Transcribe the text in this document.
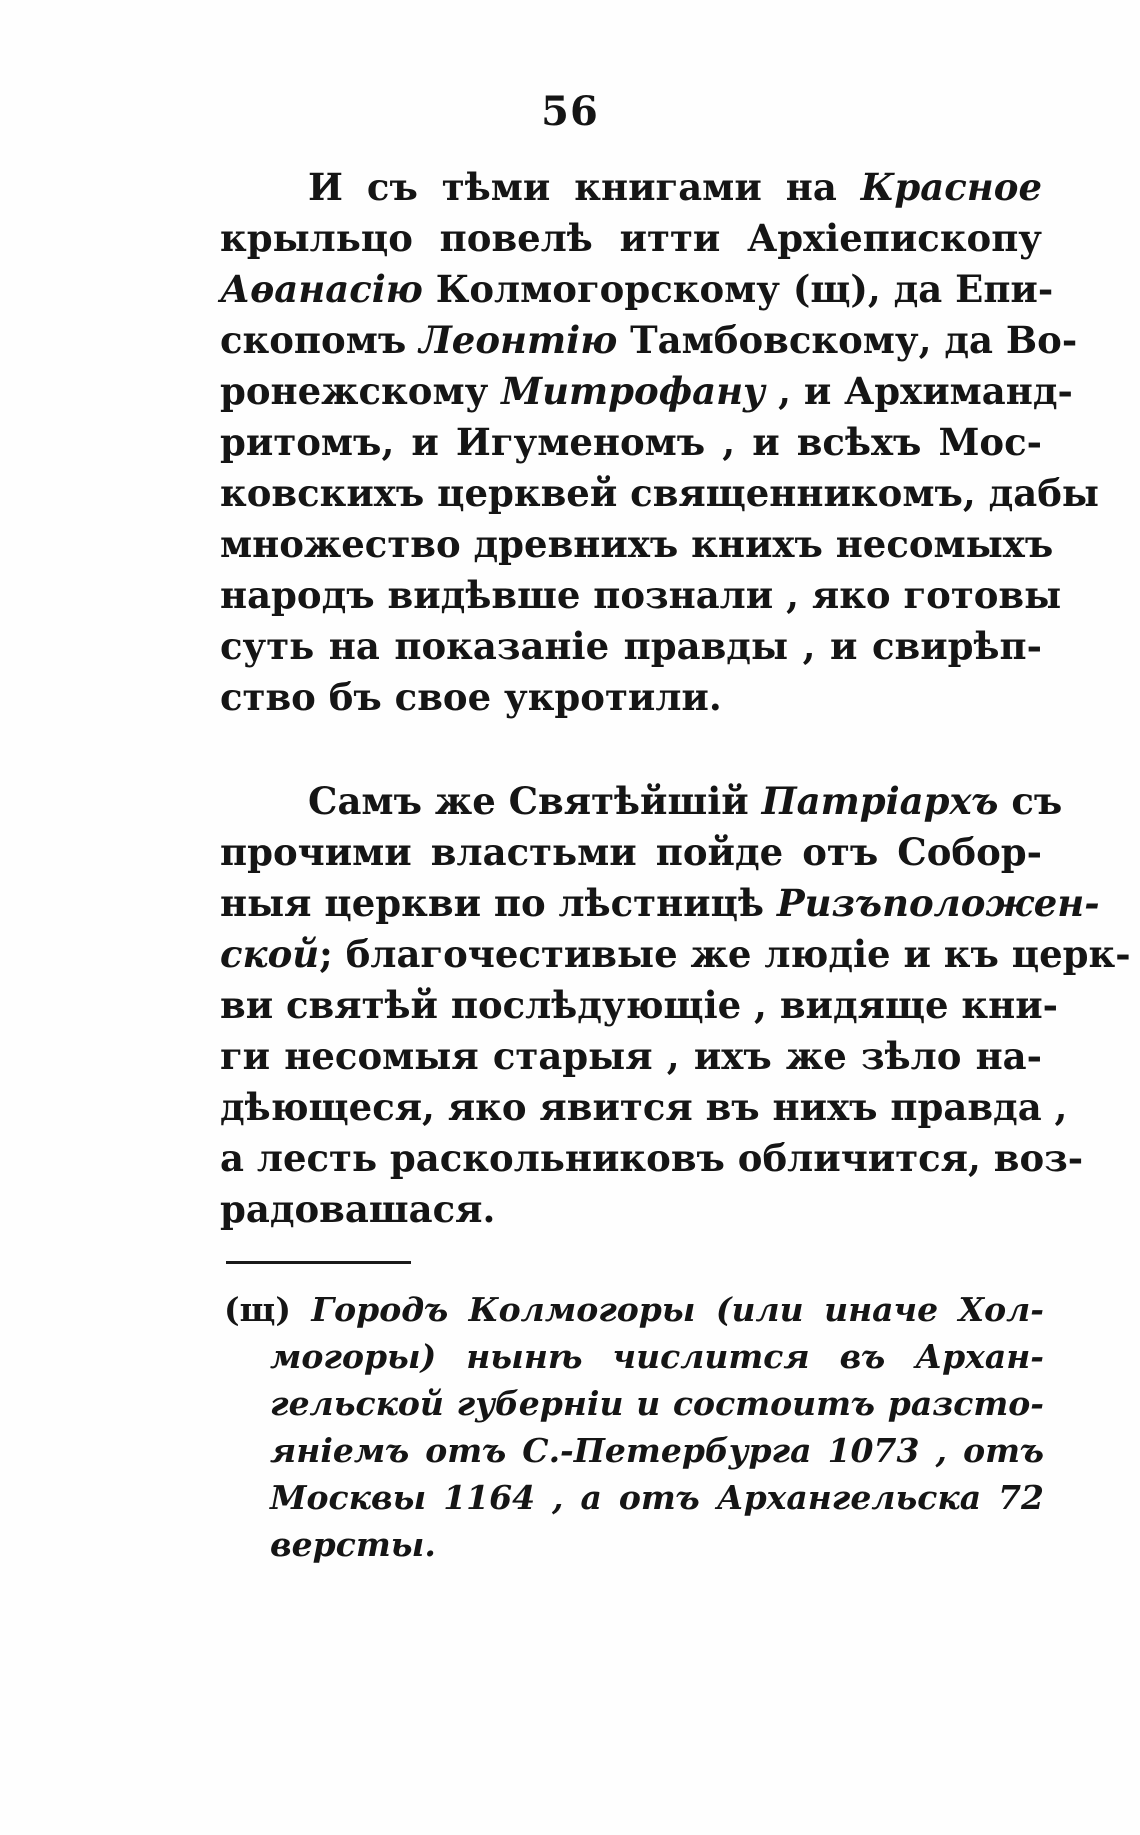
56
И съ тѣми книгами на Красное
крыльцо повелѣ итти Архіепископу
Аѳанасію Колмогорскому (щ), да Епи-
скопомъ Леонтію Тамбовскому, да Во-
ронежскому Митрофану , и Архиманд-
ритомъ, и Игуменомъ , и всѣхъ Мос-
ковскихъ церквей священникомъ, дабы
множество древнихъ книхъ несомыхъ
народъ видѣвше познали , яко готовы
суть на показаніе правды , и свирѣп-
ство бъ свое укротили.
Самъ же Святѣйшій Патріархъ съ
прочими властьми пойде отъ Собор-
ныя церкви по лѣстницѣ Ризъположен-
ской; благочестивые же людіе и къ церк-
ви святѣй послѣдующіе , видяще кни-
ги несомыя старыя , ихъ же зѣло на-
дѣющеся, яко явится въ нихъ правда ,
а лесть раскольниковъ обличится, воз-
радовашася.
(щ) Городъ Колмогоры (или иначе Хол-
могоры) нынѣ числится въ Архан-
гельской губерніи и состоитъ разсто-
яніемъ отъ С.-Петербурга 1073 , отъ
Москвы 1164 , а отъ Архангельска 72
версты.
